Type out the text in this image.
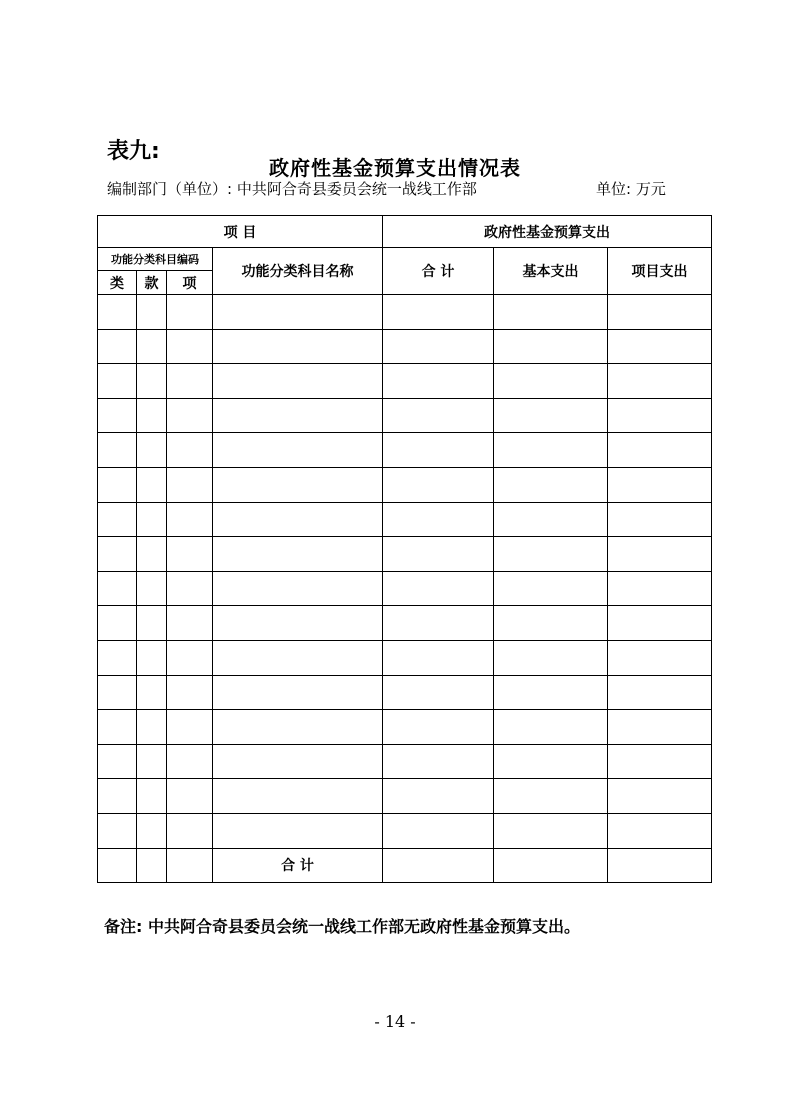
表九:
政府性基金预算支出情况表
编制部门（单位）: 中共阿合奇县委员会统一战线工作部	单位: 万元
项 目				政府性基金预算支出		
功能分类科目编码			功能分类科目名称	合 计	基本支出	项目支出
类	款	项				

			合 计			
备注: 中共阿合奇县委员会统一战线工作部无政府性基金预算支出。
- 14 -
